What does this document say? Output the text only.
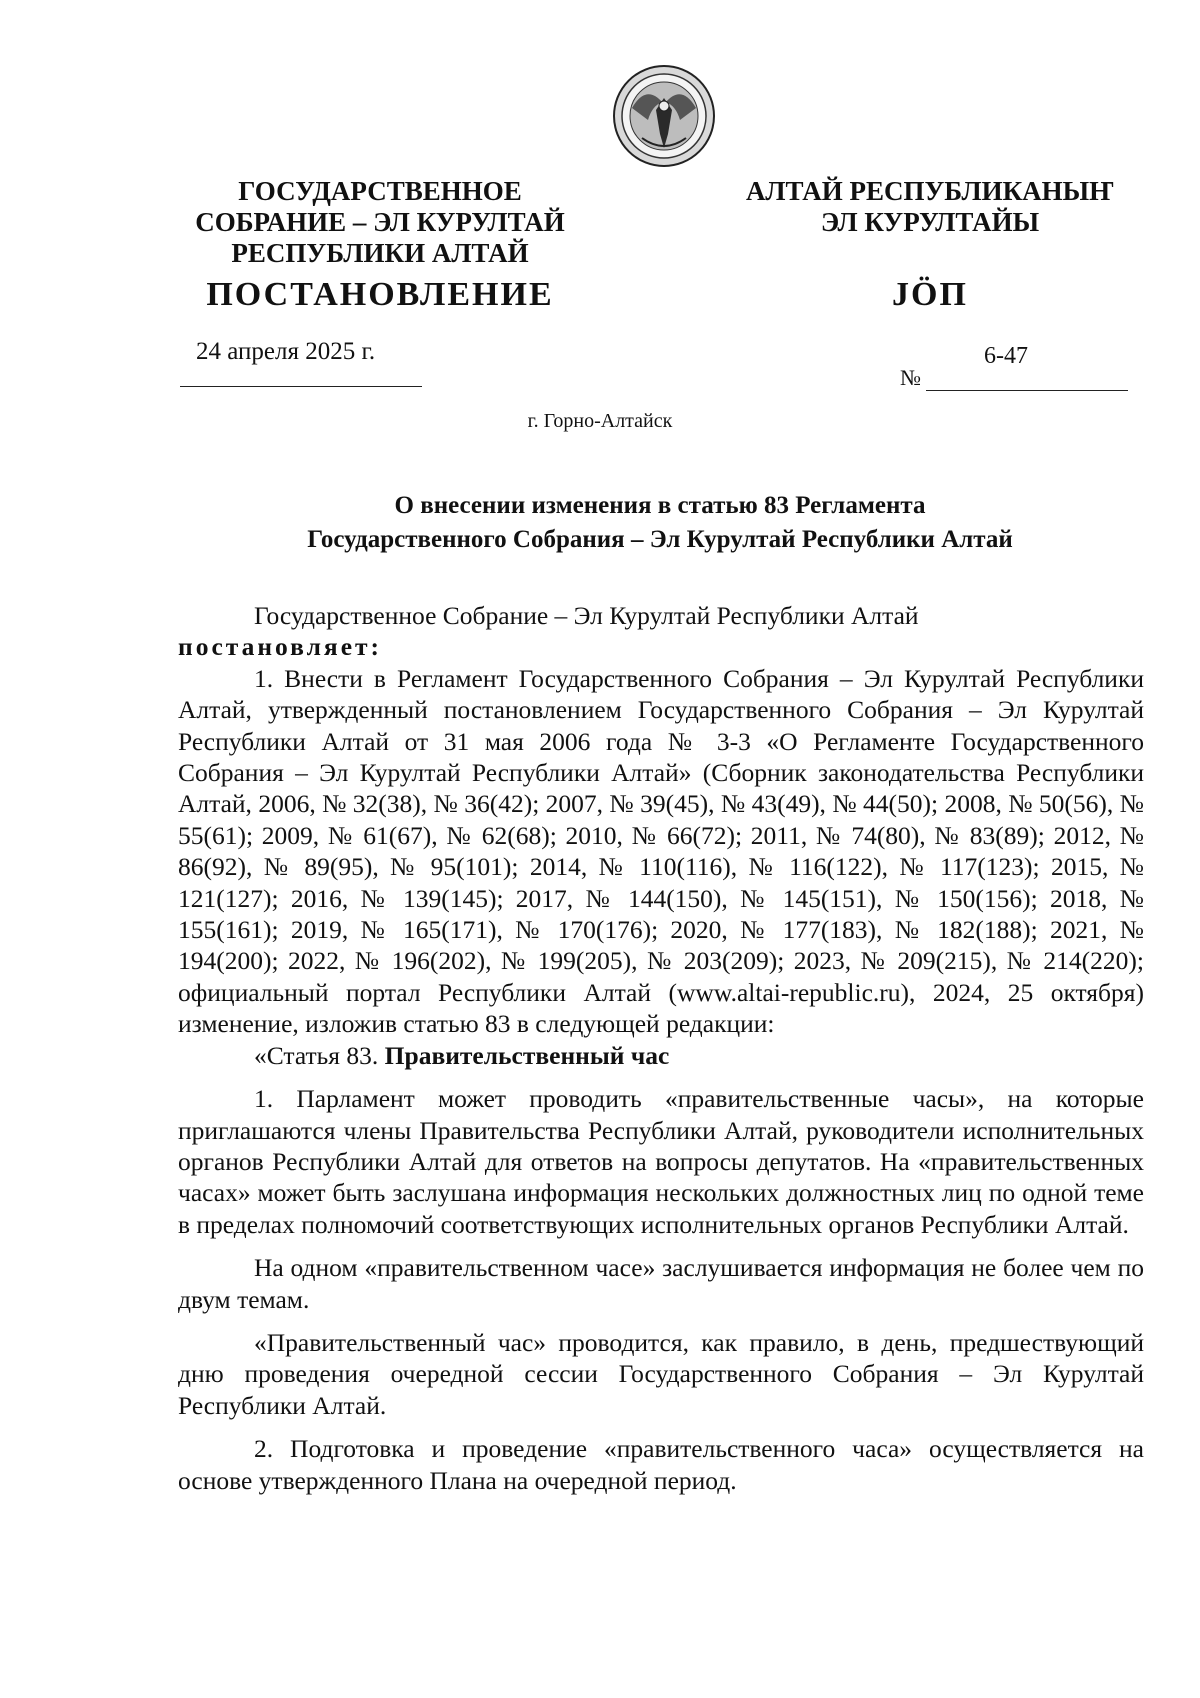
ГОСУДАРСТВЕННОЕ
СОБРАНИЕ – ЭЛ КУРУЛТАЙ
РЕСПУБЛИКИ АЛТАЙ
АЛТАЙ РЕСПУБЛИКАНЫҤ
ЭЛ КУРУЛТАЙЫ
ПОСТАНОВЛЕНИЕ	ЈӦП
24 апреля 2025 г.
№
6-47
г. Горно-Алтайск
О внесении изменения в статью 83 Регламента
Государственного Собрания – Эл Курултай Республики Алтай

Государственное Собрание – Эл Курултай Республики Алтай

постановляет:

1. Внести в Регламент Государственного Собрания – Эл Курултай Республики Алтай, утвержденный постановлением Государственного Собрания – Эл Курултай Республики Алтай от 31 мая 2006 года № 3-3 «О Регламенте Государственного Собрания – Эл Курултай Республики Алтай» (Сборник законодательства Республики Алтай, 2006, № 32(38), № 36(42); 2007, № 39(45), № 43(49), № 44(50); 2008, № 50(56), № 55(61); 2009, № 61(67), № 62(68); 2010, № 66(72); 2011, № 74(80), № 83(89); 2012, № 86(92), № 89(95), № 95(101); 2014, № 110(116), № 116(122), № 117(123); 2015, № 121(127); 2016, № 139(145); 2017, № 144(150), № 145(151), № 150(156); 2018, № 155(161); 2019, № 165(171), № 170(176); 2020, № 177(183), № 182(188); 2021, № 194(200); 2022, № 196(202), № 199(205), № 203(209); 2023, № 209(215), № 214(220); официальный портал Республики Алтай (www.altai-republic.ru), 2024, 25 октября) изменение, изложив статью 83 в следующей редакции:

«Статья 83. Правительственный час

1. Парламент может проводить «правительственные часы», на которые приглашаются члены Правительства Республики Алтай, руководители исполнительных органов Республики Алтай для ответов на вопросы депутатов. На «правительственных часах» может быть заслушана информация нескольких должностных лиц по одной теме в пределах полномочий соответствующих исполнительных органов Республики Алтай.

На одном «правительственном часе» заслушивается информация не более чем по двум темам.

«Правительственный час» проводится, как правило, в день, предшествующий дню проведения очередной сессии Государственного Собрания – Эл Курултай Республики Алтай.

2. Подготовка и проведение «правительственного часа» осуществляется на основе утвержденного Плана на очередной период.
